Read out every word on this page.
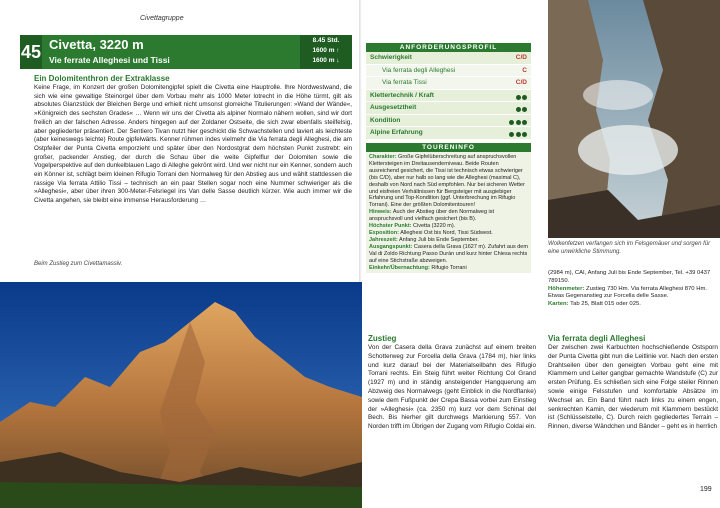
Civettagruppe
45 Civetta, 3220 m
Vie ferrate Alleghesi und Tissi
8.45 Std.
1600 m ↑
1600 m ↓
Ein Dolomitenthron der Extraklasse
Keine Frage, im Konzert der großen Dolomitengipfel spielt die Civetta eine Hauptrolle. Ihre Nordwestwand, die sich wie eine gewaltige Steinorgel über dem Vorbau mehr als 1000 Meter lotrecht in die Höhe türmt, gilt als absolutes Glanzstück der Bleichen Berge und erhielt nicht umsonst glorreiche Titulierungen: »Wand der Wände«, »Königreich des sechsten Grades« … Wenn wir uns der Civetta als alpiner Normalo nähern wollen, sind wir dort freilich an der falschen Adresse. Anders hingegen auf der Zoldaner Ostseite, die sich zwar ebenfalls steilfelsig, aber gegliederter präsentiert. Der Sentiero Tivan nutzt hier geschickt die Schwachstellen und laviert als leichteste (aber keineswegs leichte) Route gipfelwärts. Kenner rühmen indes vielmehr die Via ferrata degli Alleghesi, die am Ostpfeiler der Punta Civetta emporzieht und später über den Nordostgrat dem höchsten Punkt zustrebt: ein großer, packender Anstieg, der durch die Schau über die weite Gipfelflur der Dolomiten sowie die Vogelperspektive auf den dunkelblauen Lago di Alleghe gekrönt wird. Und wer nicht nur ein Kenner, sondern auch ein Könner ist, schlägt beim kleinen Rifugio Torrani den Normalweg für den Abstieg aus und wählt stattdessen die rassige Via ferrata Attilio Tissi – technisch an ein paar Stellen sogar noch eine Nummer schwieriger als die »Alleghesi«, aber über ihren 300-Meter-Felsriegel ins Van delle Sasse deutlich kürzer. Wie auch immer wir die Civetta angehen, sie bleibt eine immense Herausforderung …
Beim Zustieg zum Civettamassiv.
ANFORDERUNGSPROFIL
Schwierigkeit	C/D
Via ferrata degli Alleghesi	C
Via ferrata Tissi	C/D
Klettertechnik / Kraft
Ausgesetztheit
Kondition
Alpine Erfahrung
TOURENINFO
Charakter: Große Gipfelüberschreitung auf anspruchsvollen Klettersteigen im Dreitausenderniveau. Beide Routen ausreichend gesichert, die Tissi ist technisch etwas schwieriger (bis C/D), aber nur halb so lang wie die Alleghesi (maximal C), deshalb von Nord nach Süd empfohlen. Nur bei sicheren Wetter und eisfreien Verhältnissen für Bergsteiger mit ausgiebiger Erfahrung und Top-Kondition (ggf. Unterbrechung im Rifugio Torrani). Eine der größten Dolomitentouren!
Hinweis: Auch der Abstieg über den Normalweg ist anspruchsvoll und vielfach gesichert (bis B).
Höchster Punkt: Civetta (3220 m).
Exposition: Alleghesi Ost bis Nord, Tissi Südwest.
Jahreszeit: Anfang Juli bis Ende September.
Ausgangspunkt: Casera della Grava (1627 m). Zufahrt aus dem Val di Zoldo Richtung Passo Duràn und kurz hinter Chiesa rechts auf eine Stichstraße abzweigen.
Einkehr/Übernachtung: Rifugio Torrani
Zustieg
Von der Casera della Grava zunächst auf einem breiten Schotterweg zur Forcella della Grava (1784 m), hier links und kurz darauf bei der Materialseilbahn des Rifugio Torrani rechts. Ein Steig führt weiter Richtung Col Grand (1927 m) und in ständig ansteigender Hangquerung am Abzweig des Normalwegs (geht Einblick in die Nordflanke) sowie dem Fußpunkt der Crepa Bassa vorbei zum Einstieg der »Alleghesi« (ca. 2350 m) kurz vor dem Schinal del Bech. Bis hierher gilt durchwegs Markierung 557. Von Norden trifft im Übrigen der Zugang vom Rifugio Coldai ein.
Wolkenfetzen verfangen sich im Felsgemäuer und sorgen für eine unwirkliche Stimmung.
(2984 m), CAI, Anfang Juli bis Ende September, Tel. +39 0437 789150.
Höhenmeter: Zustieg 730 Hm. Via ferrata Alleghesi 870 Hm. Etwas Gegenanstieg zur Forcella delle Sasse.
Karten: Tab 25, Blatt 015 oder 025.
Via ferrata degli Alleghesi
Der zwischen zwei Karbuchten hochschießende Ostsporn der Punta Civetta gibt nun die Leitlinie vor. Nach den ersten Drahtseilen über den geneigten Vorbau geht eine mit Klammern und Leiter gangbar gemachte Wandstufe (C) zur ersten Prüfung. Es schließen sich eine Folge steiler Rinnen sowie einige Felsstufen und komfortable Absätze im Wechsel an. Ein Band führt nach links zu einem engen, senkrechten Kamin, der wiederum mit Klammern bestückt ist (Schlüsselstelle, C). Durch reich gegliedertes Terrain – Rinnen, diverse Wändchen und Bänder – geht es in herrlich
199
